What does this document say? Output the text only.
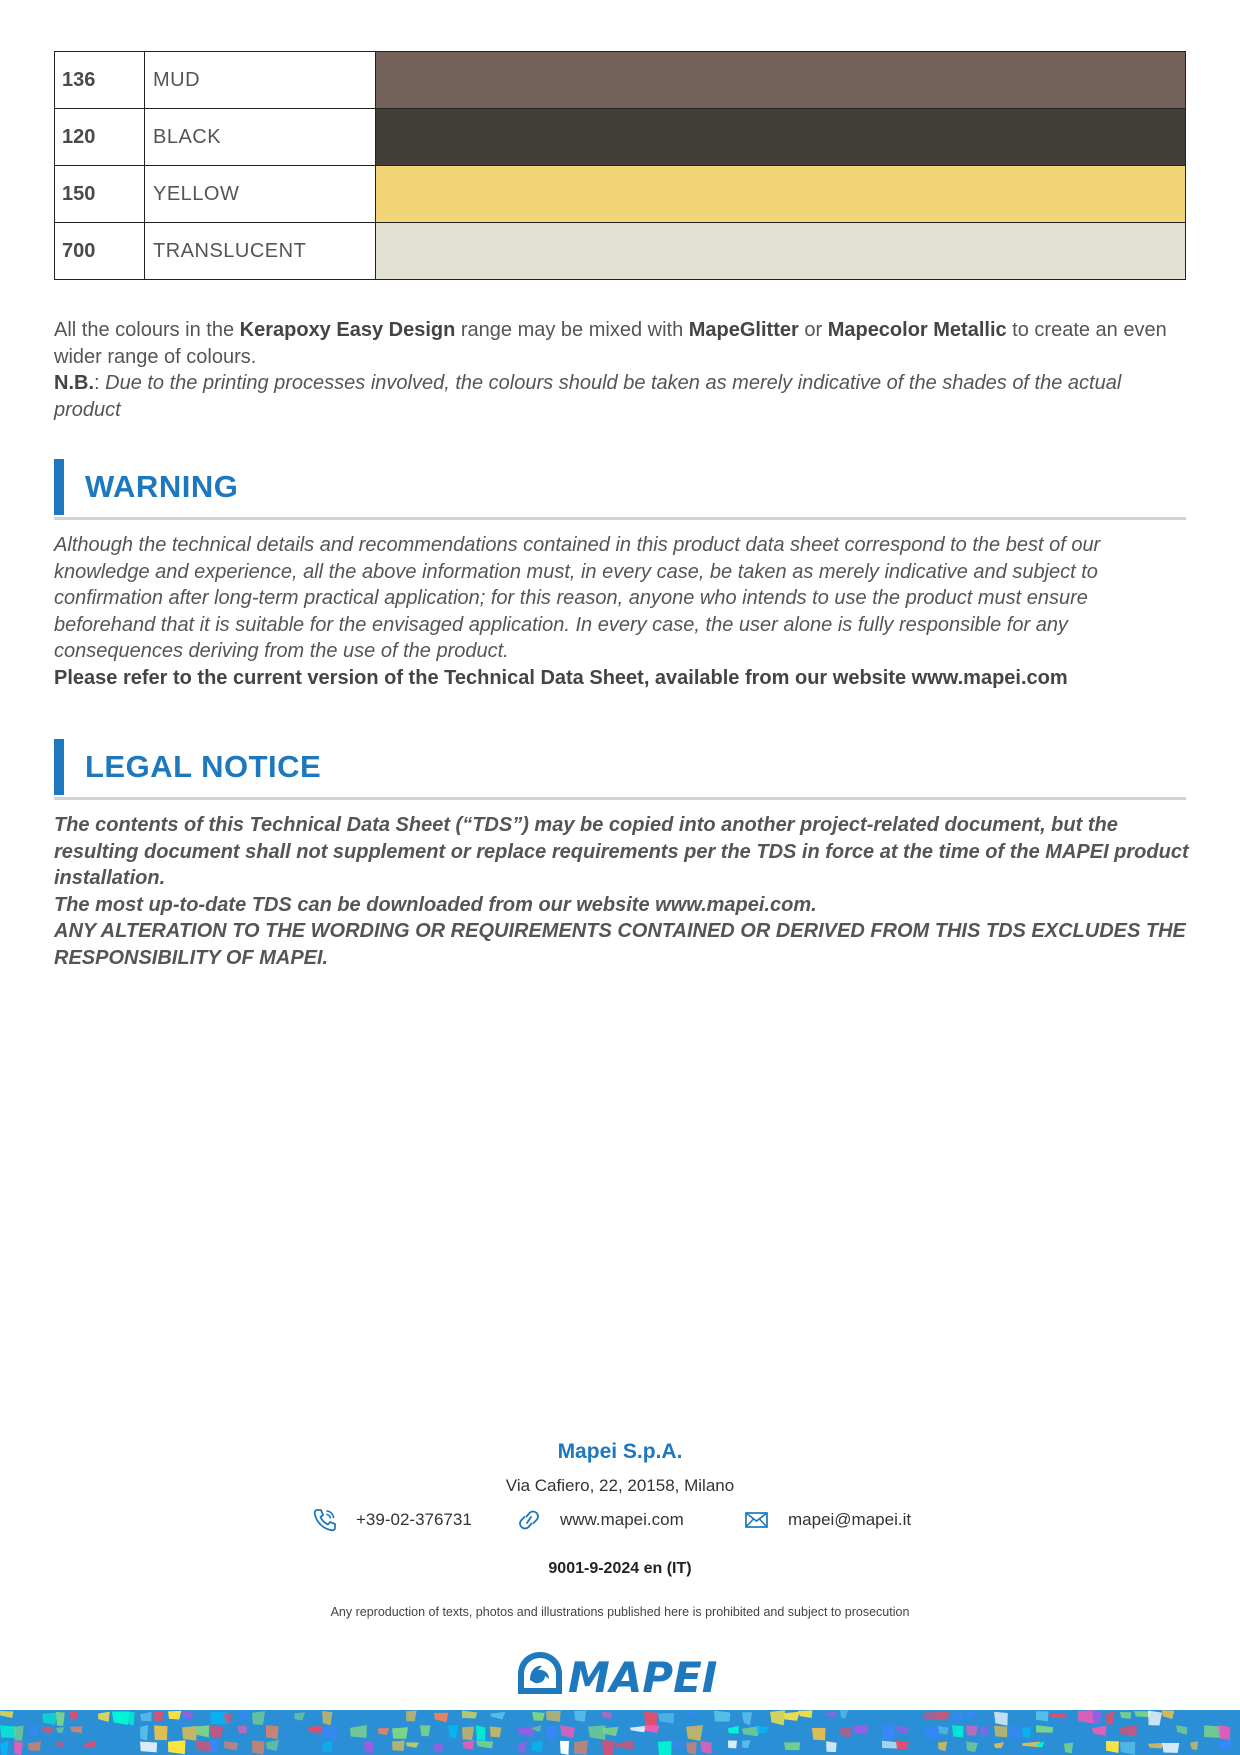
136	MUD	
120	BLACK	
150	YELLOW	
700	TRANSLUCENT	
All the colours in the Kerapoxy Easy Design range may be mixed with MapeGlitter or Mapecolor Metallic to create an even wider range of colours.
N.B.: Due to the printing processes involved, the colours should be taken as merely indicative of the shades of the actual product
WARNING
Although the technical details and recommendations contained in this product data sheet correspond to the best of our knowledge and experience, all the above information must, in every case, be taken as merely indicative and subject to confirmation after long-term practical application; for this reason, anyone who intends to use the product must ensure beforehand that it is suitable for the envisaged application. In every case, the user alone is fully responsible for any consequences deriving from the use of the product.
Please refer to the current version of the Technical Data Sheet, available from our website www.mapei.com
LEGAL NOTICE
The contents of this Technical Data Sheet (“TDS”) may be copied into another project-related document, but the resulting document shall not supplement or replace requirements per the TDS in force at the time of the MAPEI product installation.
The most up-to-date TDS can be downloaded from our website www.mapei.com.
ANY ALTERATION TO THE WORDING OR REQUIREMENTS CONTAINED OR DERIVED FROM THIS TDS EXCLUDES THE RESPONSIBILITY OF MAPEI.
Mapei S.p.A.
Via Cafiero, 22, 20158, Milano
+39-02-376731	www.mapei.com	mapei@mapei.it
9001-9-2024 en (IT)
Any reproduction of texts, photos and illustrations published here is prohibited and subject to prosecution
MAPEI
